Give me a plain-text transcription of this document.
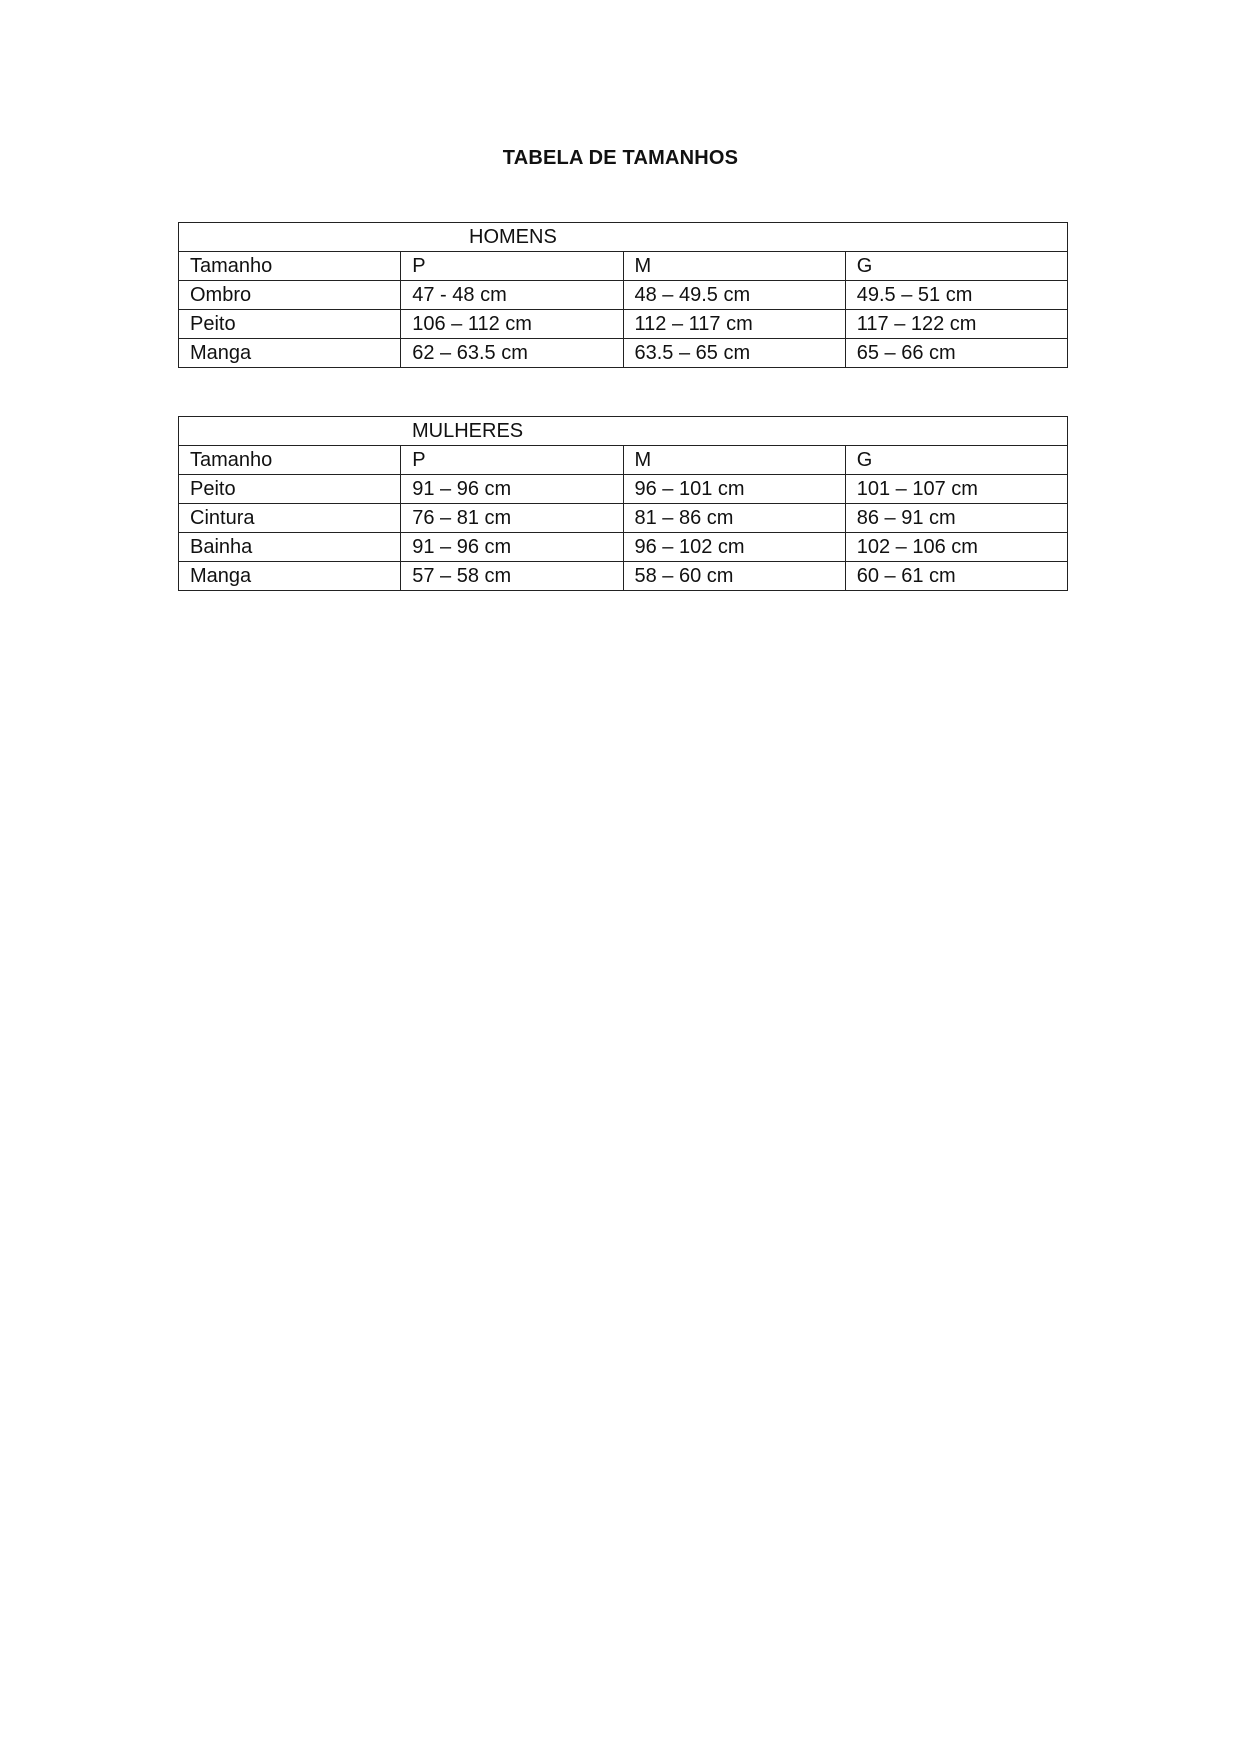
TABELA DE TAMANHOS
HOMENS			
Tamanho	P	M	G
Ombro	47 - 48 cm	48 – 49.5 cm	49.5 – 51 cm
Peito	106 – 112 cm	112 – 117 cm	117 – 122 cm
Manga	62 – 63.5 cm	63.5 – 65 cm	65 – 66 cm
MULHERES			
Tamanho	P	M	G
Peito	91 – 96 cm	96 – 101 cm	101 – 107 cm
Cintura	76 – 81 cm	81 – 86 cm	86 – 91 cm
Bainha	91 – 96 cm	96 – 102 cm	102 – 106 cm
Manga	57 – 58 cm	58 – 60 cm	60 – 61 cm
